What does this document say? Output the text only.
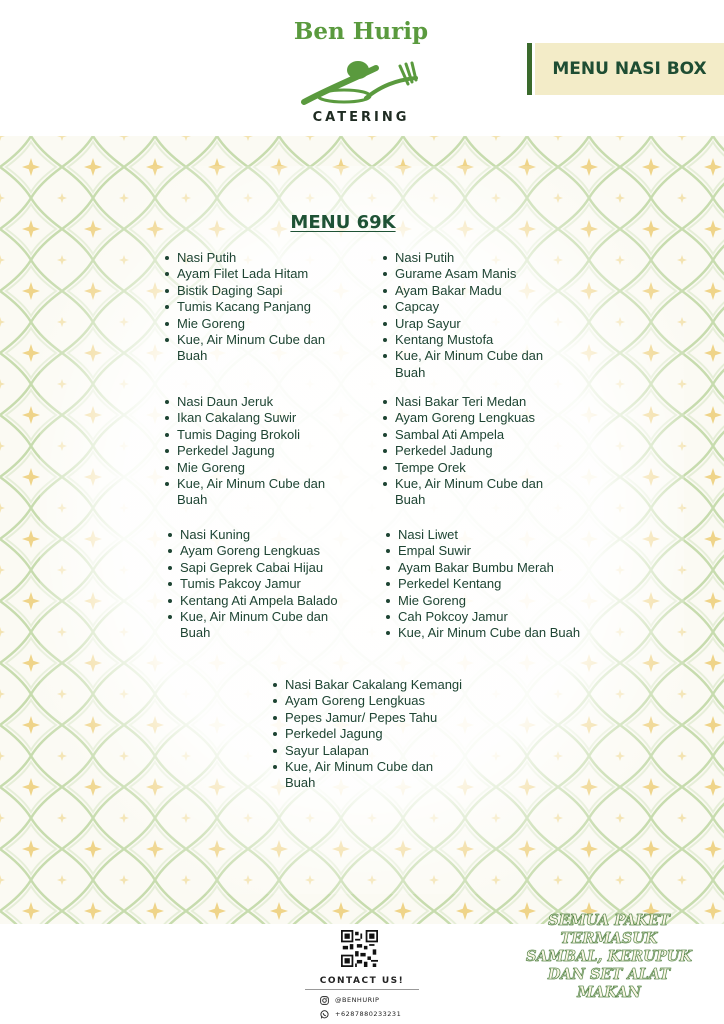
Ben Hurip
CATERING
MENU NASI BOX
MENU 69K
Nasi Putih
Ayam Filet Lada Hitam
Bistik Daging Sapi
Tumis Kacang Panjang
Mie Goreng
Kue, Air Minum Cube dan Buah
Nasi Putih
Gurame Asam Manis
Ayam Bakar Madu
Capcay
Urap Sayur
Kentang Mustofa
Kue, Air Minum Cube dan Buah
Nasi Daun Jeruk
Ikan Cakalang Suwir
Tumis Daging Brokoli
Perkedel Jagung
Mie Goreng
Kue, Air Minum Cube dan Buah
Nasi Bakar Teri Medan
Ayam Goreng Lengkuas
Sambal Ati Ampela
Perkedel Jadung
Tempe Orek
Kue, Air Minum Cube dan Buah
Nasi Kuning
Ayam Goreng Lengkuas
Sapi Geprek Cabai Hijau
Tumis Pakcoy Jamur
Kentang Ati Ampela Balado
Kue, Air Minum Cube dan Buah
Nasi Liwet
Empal Suwir
Ayam Bakar Bumbu Merah
Perkedel Kentang
Mie Goreng
Cah Pokcoy Jamur
Kue, Air Minum Cube dan Buah
Nasi Bakar Cakalang Kemangi
Ayam Goreng Lengkuas
Pepes Jamur/ Pepes Tahu
Perkedel Jagung
Sayur Lalapan
Kue, Air Minum Cube dan Buah
CONTACT US!
@BENHURIP
+6287880233231
SEMUA PAKET TERMASUK SAMBAL, KERUPUK DAN SET ALAT MAKAN
